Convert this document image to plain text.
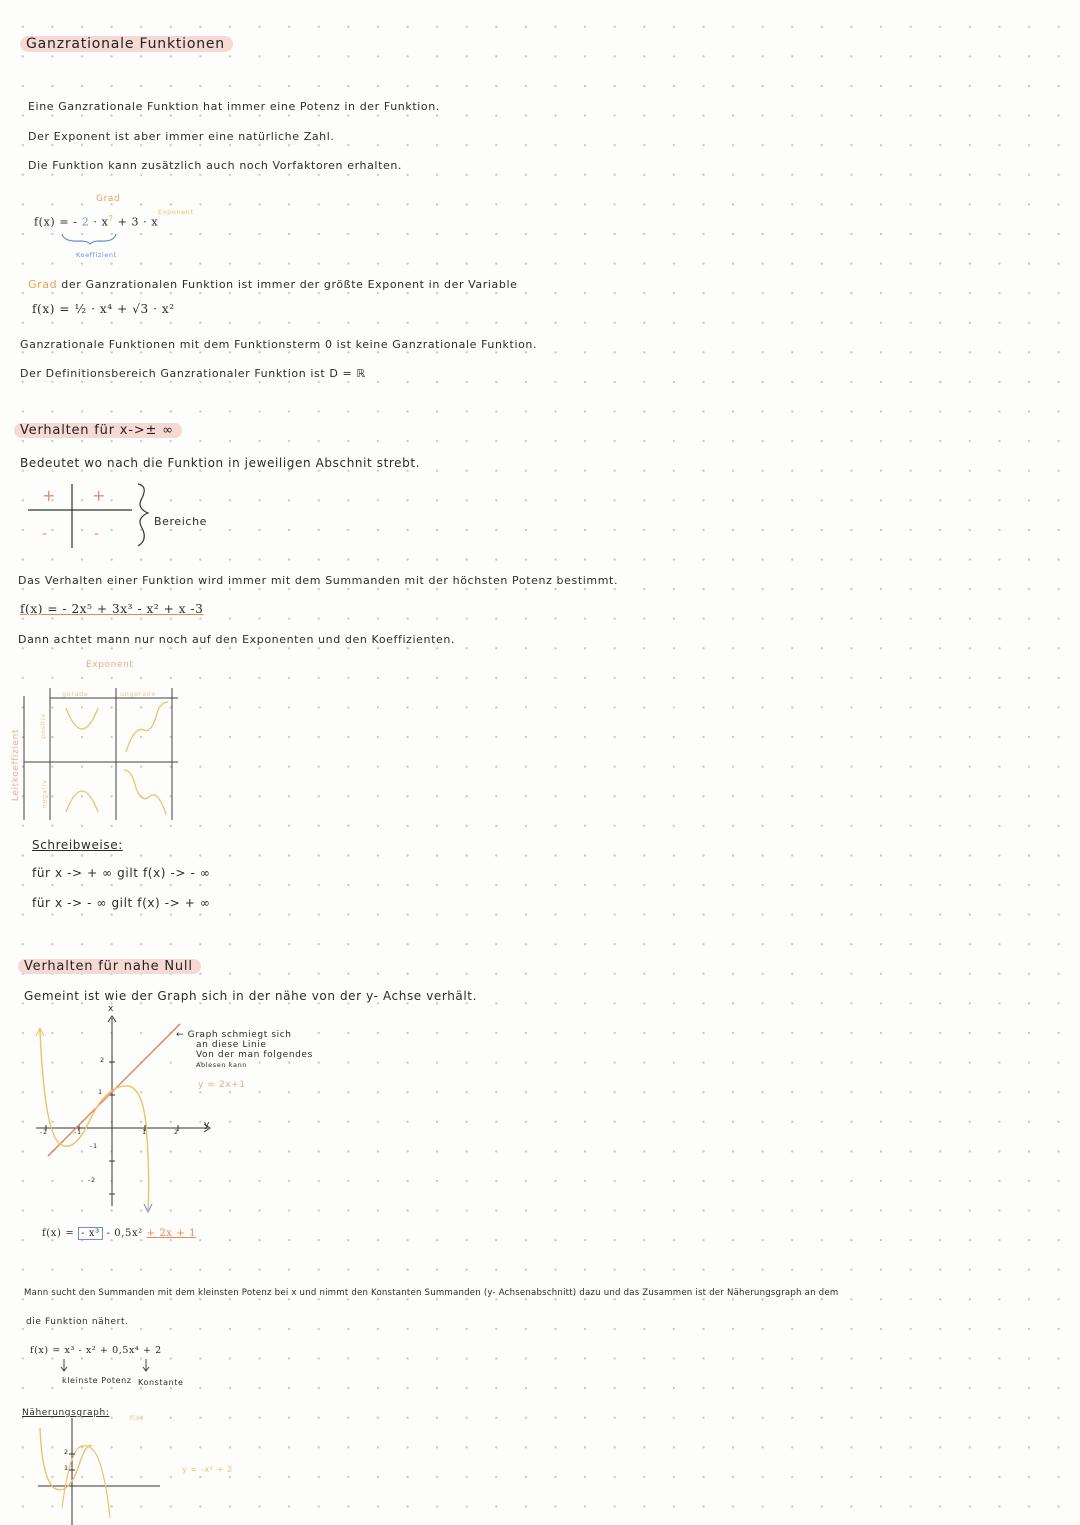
Ganzrationale Funktionen
Eine Ganzrationale Funktion hat immer eine Potenz in der Funktion.
Der Exponent ist aber immer eine natürliche Zahl.
Die Funktion kann zusätzlich auch noch Vorfaktoren erhalten.
Grad
Exponent
f(x) = - $2 \cdot x^7 + 3 \cdot x$
Koeffizient
Grad der Ganzrationalen Funktion ist immer der größte Exponent in der Variable
f(x) = ½ · x⁴ + √3 · x²
Ganzrationale Funktionen mit dem Funktionsterm 0 ist keine Ganzrationale Funktion.
Der Definitionsbereich Ganzrationaler Funktion ist D = ℝ
Verhalten für x->± ∞
Bedeutet wo nach die Funktion in jeweiligen Abschnit strebt.
+ +
-	-
Bereiche
Das Verhalten einer Funktion wird immer mit dem Summanden mit der höchsten Potenz bestimmt.
f(x) = - 2x⁵ + 3x³ - x² + x -3
Dann achtet mann nur noch auf den Exponenten und den Koeffizienten.
Exponent
gerade	ungerade
Leitkoeffizient
positiv
negativ
Schreibweise:
für x -> + ∞ gilt f(x) -> - ∞
für x -> - ∞ gilt f(x) -> + ∞
Verhalten für nahe Null
Gemeint ist wie der Graph sich in der nähe von der y- Achse verhält.
x
y
-2	-1	1	2
2
1
-1
-2
← Graph schmiegt sich
an diese Linie
Von der man folgendes
Ablesen kann
y = 2x+1
f(x) = - x³ - 0,5x² + 2x + 1
Mann sucht den Summanden mit dem kleinsten Potenz bei x und nimmt den Konstanten Summanden (y- Achsenabschnitt) dazu und das Zusammen ist der Näherungsgraph an dem
die Funktion nähert.
f(x) = x³ - x² + 0,5x⁴ + 2
kleinste Potenz Konstante
Näherungsgraph:	f(x)
2
1	y = -x² + 2
